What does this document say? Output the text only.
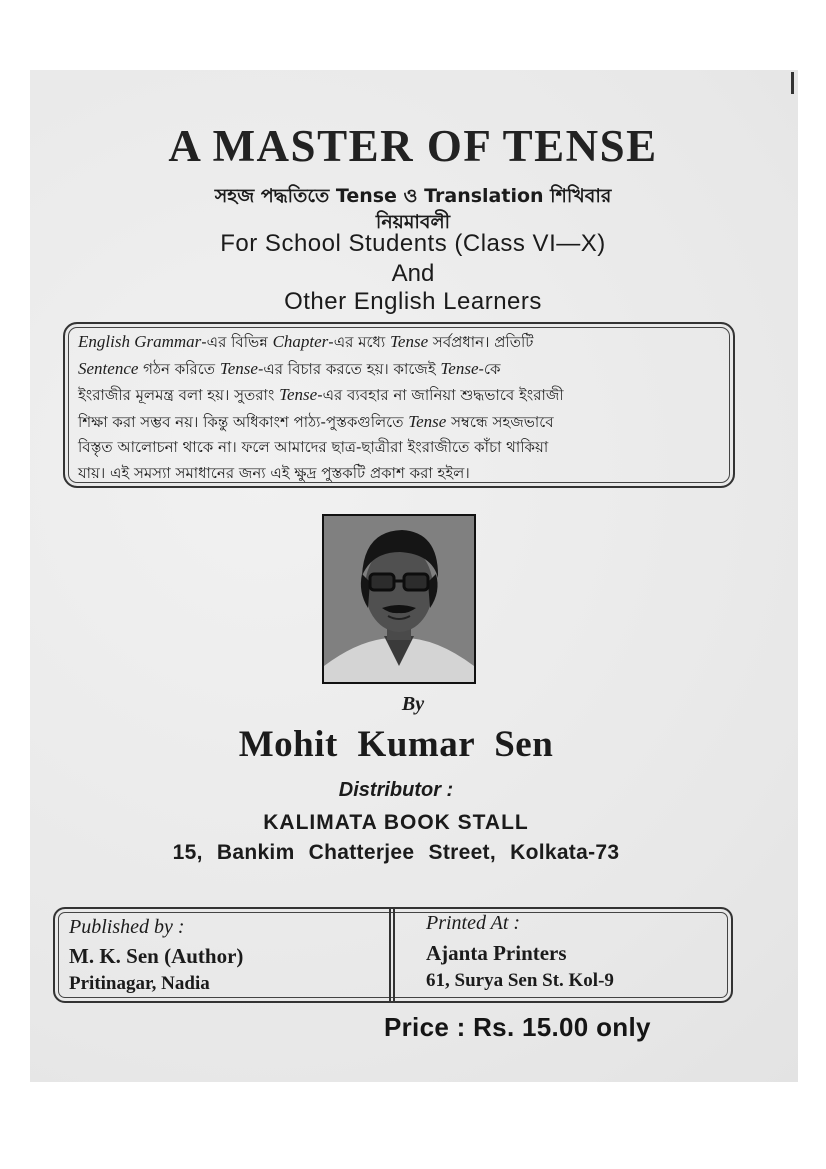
A MASTER OF TENSE
সহজ পদ্ধতিতে Tense ও Translation শিখিবার
নিয়মাবলী
For School Students (Class VI—X)
And
Other English Learners
English Grammar-এর বিভিন্ন Chapter-এর মধ্যে Tense সর্বপ্রধান। প্রতিটি
Sentence গঠন করিতে Tense-এর বিচার করতে হয়। কাজেই Tense-কে
ইংরাজীর মূলমন্ত্র বলা হয়। সুতরাং Tense-এর ব্যবহার না জানিয়া শুদ্ধভাবে ইংরাজী
শিক্ষা করা সম্ভব নয়। কিন্তু অধিকাংশ পাঠ্য-পুস্তকগুলিতে Tense সম্বন্ধে সহজভাবে
বিস্তৃত আলোচনা থাকে না। ফলে আমাদের ছাত্র-ছাত্রীরা ইংরাজীতে কাঁচা থাকিয়া
যায়। এই সমস্যা সমাধানের জন্য এই ক্ষুদ্র পুস্তকটি প্রকাশ করা হইল।
By
Mohit Kumar Sen
Distributor :
KALIMATA BOOK STALL
15, Bankim Chatterjee Street, Kolkata-73
Published by :
M. K. Sen (Author)
Pritinagar, Nadia
Printed At :
Ajanta Printers
61, Surya Sen St. Kol-9
Price : Rs. 15.00 only
